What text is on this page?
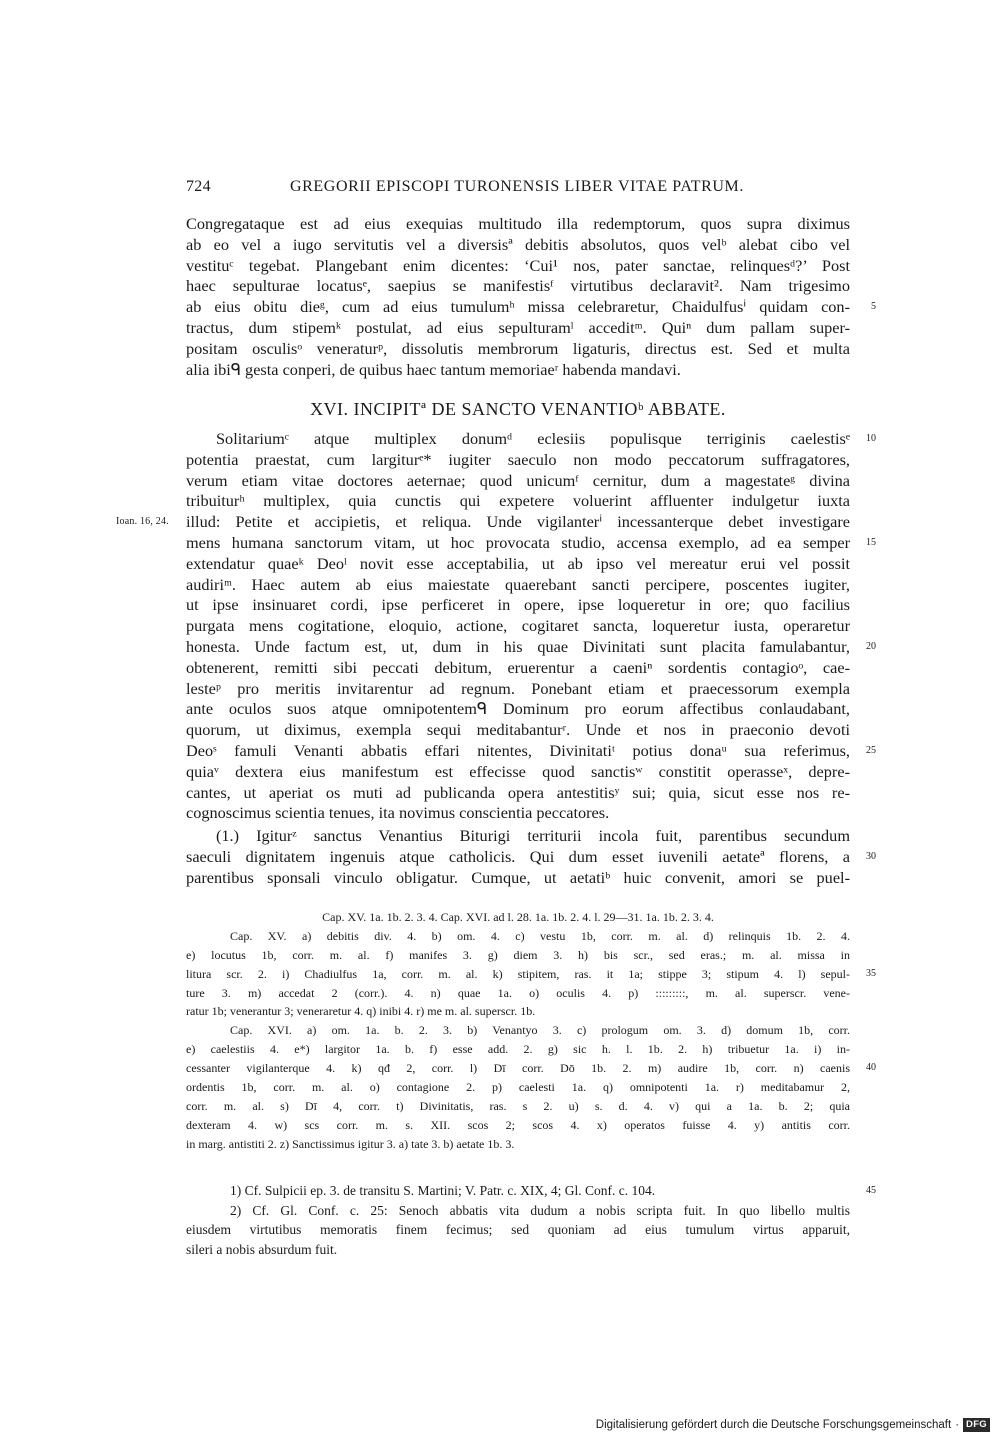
724	GREGORII EPISCOPI TURONENSIS LIBER VITAE PATRUM.
Congregataque est ad eius exequias multitudo illa redemptorum, quos supra diximus
ab eo vel a iugo servitutis vel a diversisª debitis absolutos, quos velᵇ alebat cibo vel
vestituᶜ tegebat. Plangebant enim dicentes: ‘Cui¹ nos, pater sanctae, relinquesᵈ?’ Post
haec sepulturae locatusᵉ, saepius se manifestisᶠ virtutibus declaravit². Nam trigesimo
ab eius obitu dieᵍ, cum ad eius tumulumʰ missa celebraretur, Chaidulfusⁱ quidam con- 5
tractus, dum stipemᵏ postulat, ad eius sepulturamˡ acceditᵐ. Quiⁿ dum pallam super-
positam osculisᵒ veneraturᵖ, dissolutis membrorum ligaturis, directus est. Sed et multa
alia ibiᑫ gesta conperi, de quibus haec tantum memoriaeʳ habenda mandavi.
XVI. INCIPITª DE SANCTO VENANTIOᵇ ABBATE.
Solitariumᶜ atque multiplex donumᵈ eclesiis populisque terriginis caelestisᵉ 10
potentia praestat, cum largiturᵉ* iugiter saeculo non modo peccatorum suffragatores,
verum etiam vitae doctores aeternae; quod unicumᶠ cernitur, dum a magestateᵍ divina
tribuiturʰ multiplex, quia cunctis qui expetere voluerint affluenter indulgetur iuxta
illud: Petite et accipietis, et reliqua. Unde vigilanterⁱ incessanterque debet investigare
Ioan. 16, 24.
mens humana sanctorum vitam, ut hoc provocata studio, accensa exemplo, ad ea semper 15
extendatur quaeᵏ Deoˡ novit esse acceptabilia, ut ab ipso vel mereatur erui vel possit
audiriᵐ. Haec autem ab eius maiestate quaerebant sancti percipere, poscentes iugiter,
ut ipse insinuaret cordi, ipse perficeret in opere, ipse loqueretur in ore; quo facilius
purgata mens cogitatione, eloquio, actione, cogitaret sancta, loqueretur iusta, operaretur
honesta. Unde factum est, ut, dum in his quae Divinitati sunt placita famulabantur, 20
obtenerent, remitti sibi peccati debitum, eruerentur a caeniⁿ sordentis contagioᵒ, cae-
lesteᵖ pro meritis invitarentur ad regnum. Ponebant etiam et praecessorum exempla
ante oculos suos atque omnipotentemᑫ Dominum pro eorum affectibus conlaudabant,
quorum, ut diximus, exempla sequi meditabanturʳ. Unde et nos in praeconio devoti
Deoˢ famuli Venanti abbatis effari nitentes, Divinitatiᵗ potius donaᵘ sua referimus, 25
quiaᵛ dextera eius manifestum est effecisse quod sanctisʷ constitit operasseˣ, depre-
cantes, ut aperiat os muti ad publicanda opera antestitisʸ sui; quia, sicut esse nos re-
cognoscimus scientia tenues, ita novimus conscientia peccatores.
(1.) Igiturᶻ sanctus Venantius Biturigi territurii incola fuit, parentibus secundum
saeculi dignitatem ingenuis atque catholicis. Qui dum esset iuvenili aetateª florens, a 30
parentibus sponsali vinculo obligatur. Cumque, ut aetatiᵇ huic convenit, amori se puel-
Cap. XV. 1a. 1b. 2. 3. 4. Cap. XVI. ad l. 28. 1a. 1b. 2. 4. l. 29—31. 1a. 1b. 2. 3. 4.
Cap. XV. a) debitis div. 4. b) om. 4. c) vestu 1b, corr. m. al. d) relinquis 1b. 2. 4.
e) locutus 1b, corr. m. al. f) manifes 3. g) diem 3. h) bis scr., sed eras.; m. al. missa in
litura scr. 2. i) Chadiulfus 1a, corr. m. al. k) stipitem, ras. it 1a; stippe 3; stipum 4. l) sepul- 35
ture 3. m) accedat 2 (corr.). 4. n) quae 1a. o) oculis 4. p) :::::::::, m. al. superscr. vene-
ratur 1b; venerantur 3; veneraretur 4. q) inibi 4. r) me m. al. superscr. 1b.
Cap. XVI. a) om. 1a. b. 2. 3. b) Venantyo 3. c) prologum om. 3. d) domum 1b, corr.
e) caelestiis 4. e*) largitor 1a. b. f) esse add. 2. g) sic h. l. 1b. 2. h) tribuetur 1a. i) in-
cessanter vigilanterque 4. k) qđ 2, corr. l) Dī corr. Dō 1b. 2. m) audire 1b, corr. n) caenis 40
ordentis 1b, corr. m. al. o) contagione 2. p) caelesti 1a. q) omnipotenti 1a. r) meditabamur 2,
corr. m. al. s) Dī 4, corr. t) Divinitatis, ras. s 2. u) s. d. 4. v) qui a 1a. b. 2; quia
dexteram 4. w) scs corr. m. s. XII. scos 2; scos 4. x) operatos fuisse 4. y) antitis corr.
in marg. antistiti 2. z) Sanctissimus igitur 3. a) tate 3. b) aetate 1b. 3.
1) Cf. Sulpicii ep. 3. de transitu S. Martini; V. Patr. c. XIX, 4; Gl. Conf. c. 104.	45
2) Cf. Gl. Conf. c. 25: Senoch abbatis vita dudum a nobis scripta fuit. In quo libello multis
eiusdem virtutibus memoratis finem fecimus; sed quoniam ad eius tumulum virtus apparuit,
sileri a nobis absurdum fuit.
Digitalisierung gefördert durch die Deutsche Forschungsgemeinschaft · DFG
